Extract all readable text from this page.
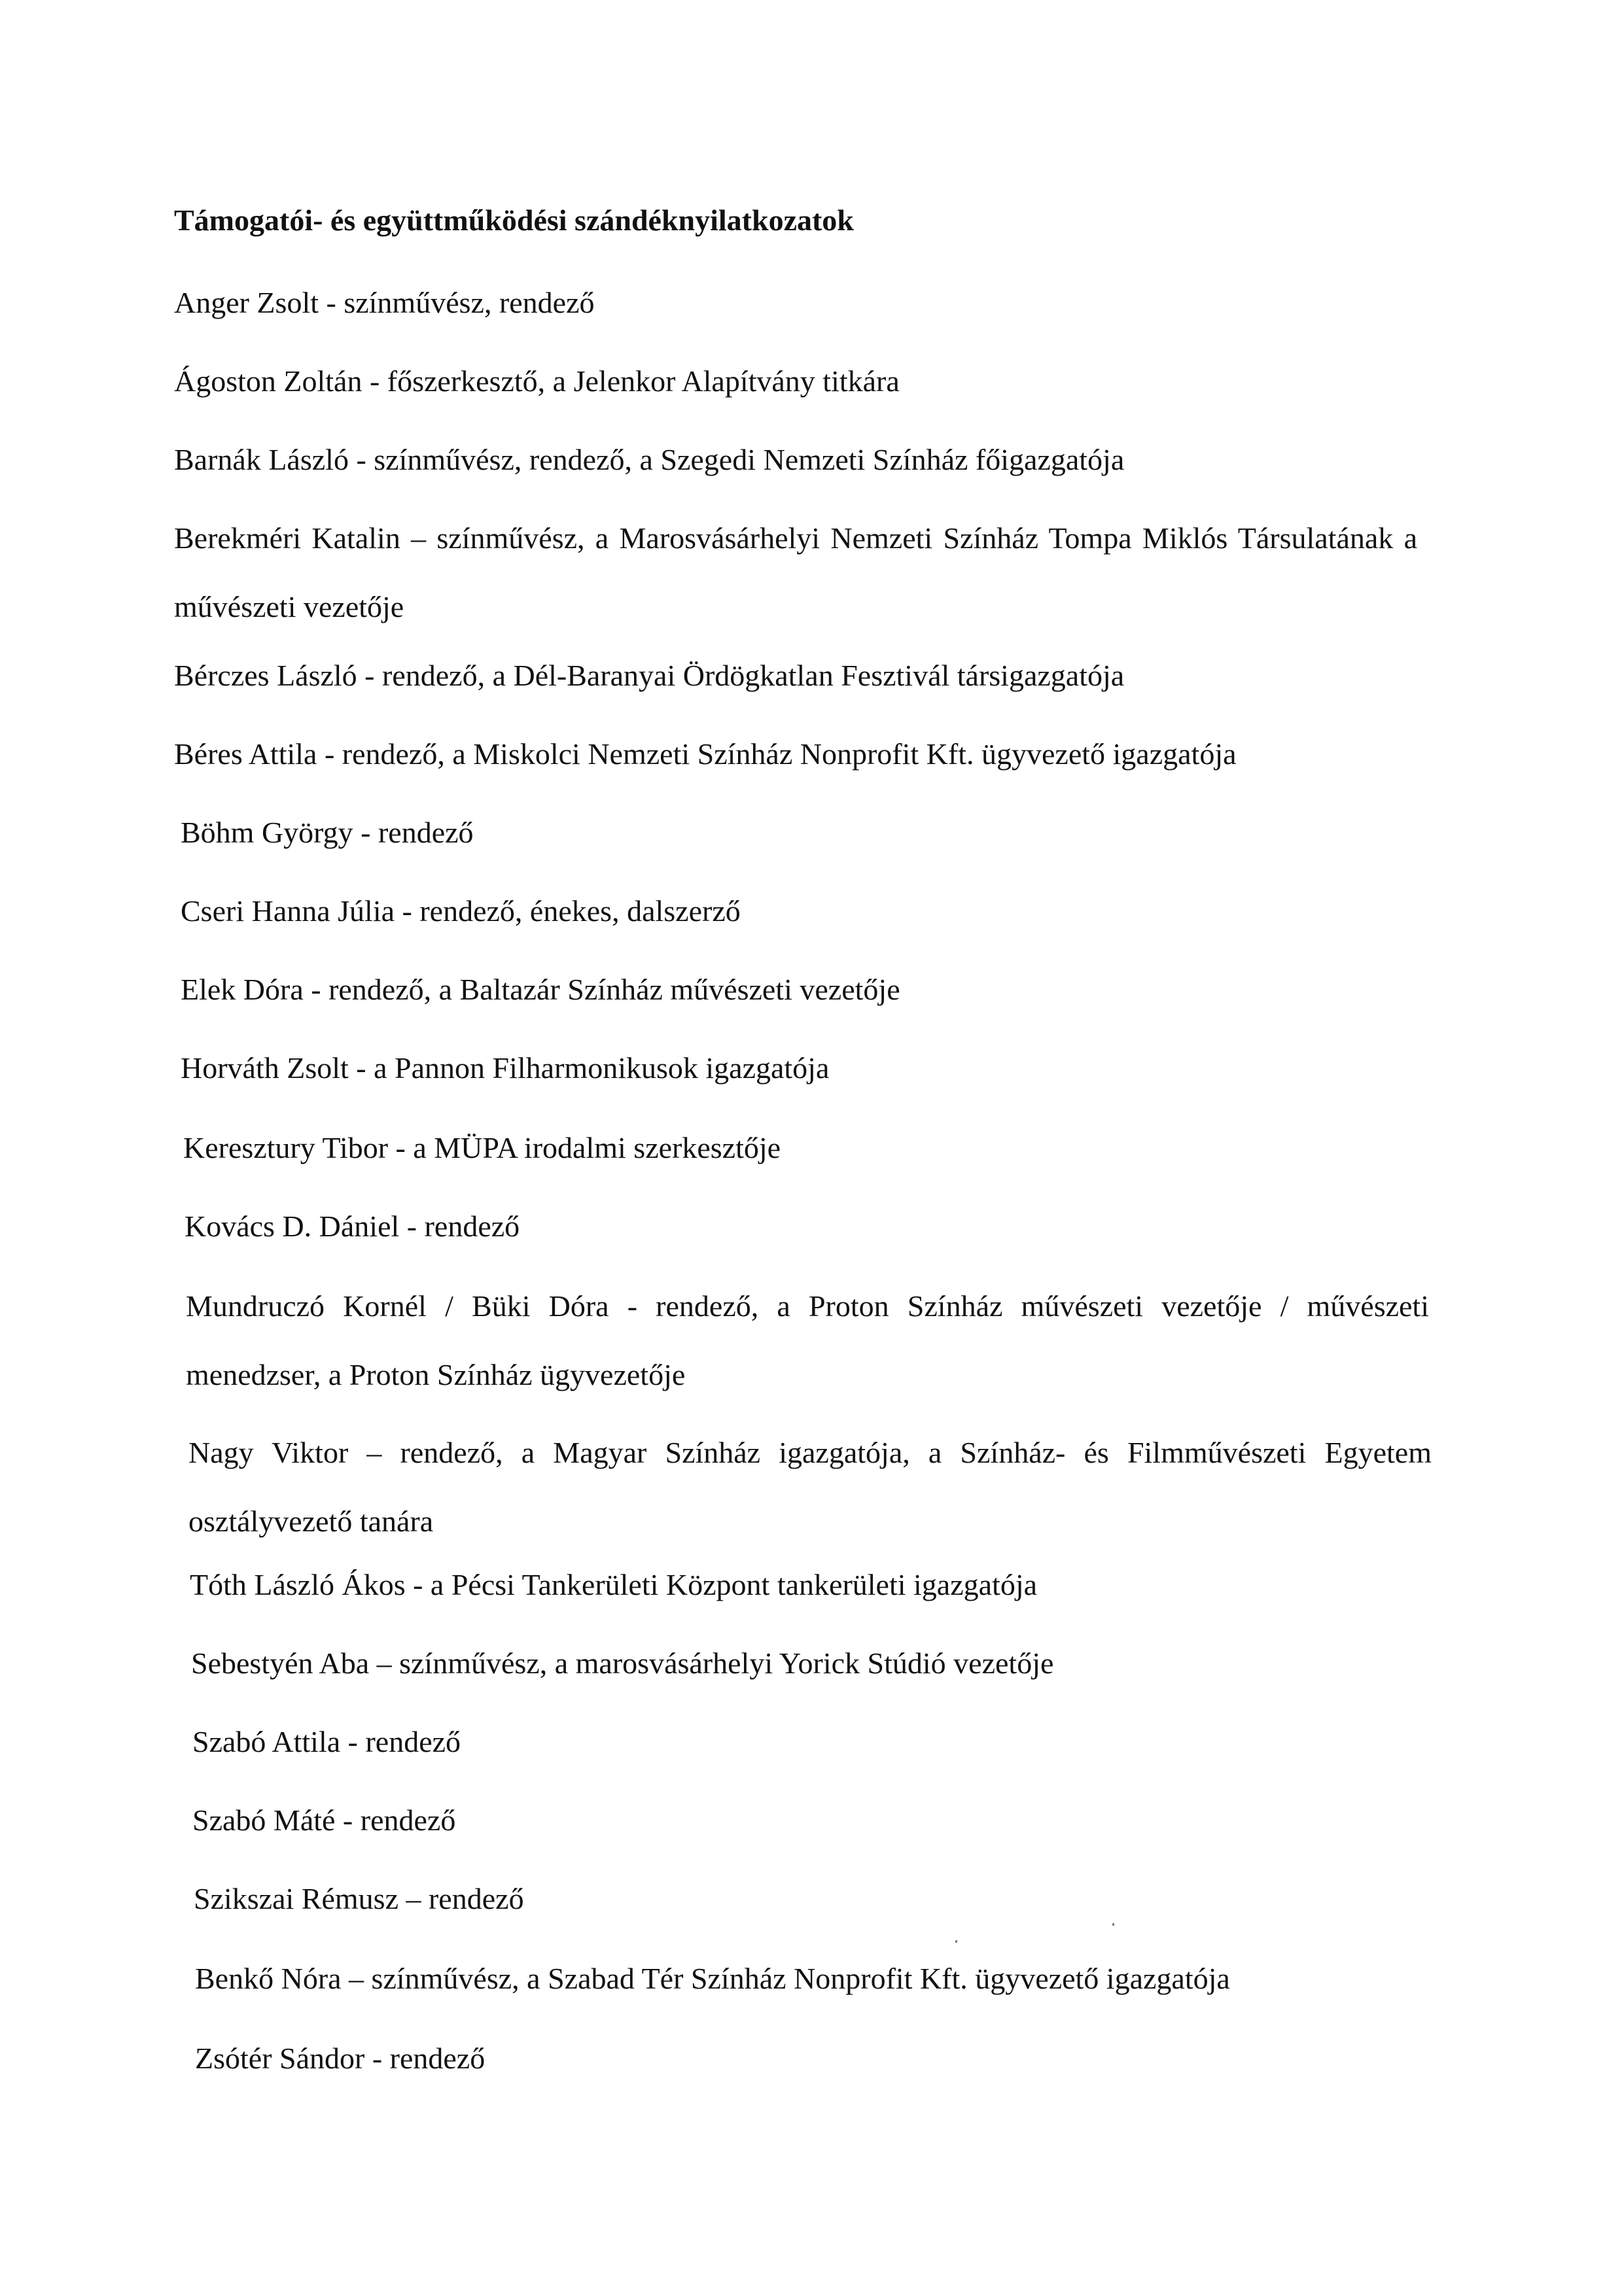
Támogatói- és együttműködési szándéknyilatkozatok
Anger Zsolt - színművész, rendező
Ágoston Zoltán - főszerkesztő, a Jelenkor Alapítvány titkára
Barnák László - színművész, rendező, a Szegedi Nemzeti Színház főigazgatója
Berekméri Katalin – színművész, a Marosvásárhelyi Nemzeti Színház Tompa Miklós Társulatának a művészeti vezetője
Bérczes László - rendező, a Dél-Baranyai Ördögkatlan Fesztivál társigazgatója
Béres Attila - rendező, a Miskolci Nemzeti Színház Nonprofit Kft. ügyvezető igazgatója
Böhm György - rendező
Cseri Hanna Júlia - rendező, énekes, dalszerző
Elek Dóra - rendező, a Baltazár Színház művészeti vezetője
Horváth Zsolt - a Pannon Filharmonikusok igazgatója
Keresztury Tibor - a MÜPA irodalmi szerkesztője
Kovács D. Dániel - rendező
Mundruczó Kornél / Büki Dóra - rendező, a Proton Színház művészeti vezetője / művészeti menedzser, a Proton Színház ügyvezetője
Nagy Viktor – rendező, a Magyar Színház igazgatója, a Színház- és Filmművészeti Egyetem osztályvezető tanára
Tóth László Ákos - a Pécsi Tankerületi Központ tankerületi igazgatója
Sebestyén Aba – színművész, a marosvásárhelyi Yorick Stúdió vezetője
Szabó Attila - rendező
Szabó Máté - rendező
Szikszai Rémusz – rendező
Benkő Nóra – színművész, a Szabad Tér Színház Nonprofit Kft. ügyvezető igazgatója
Zsótér Sándor - rendező
